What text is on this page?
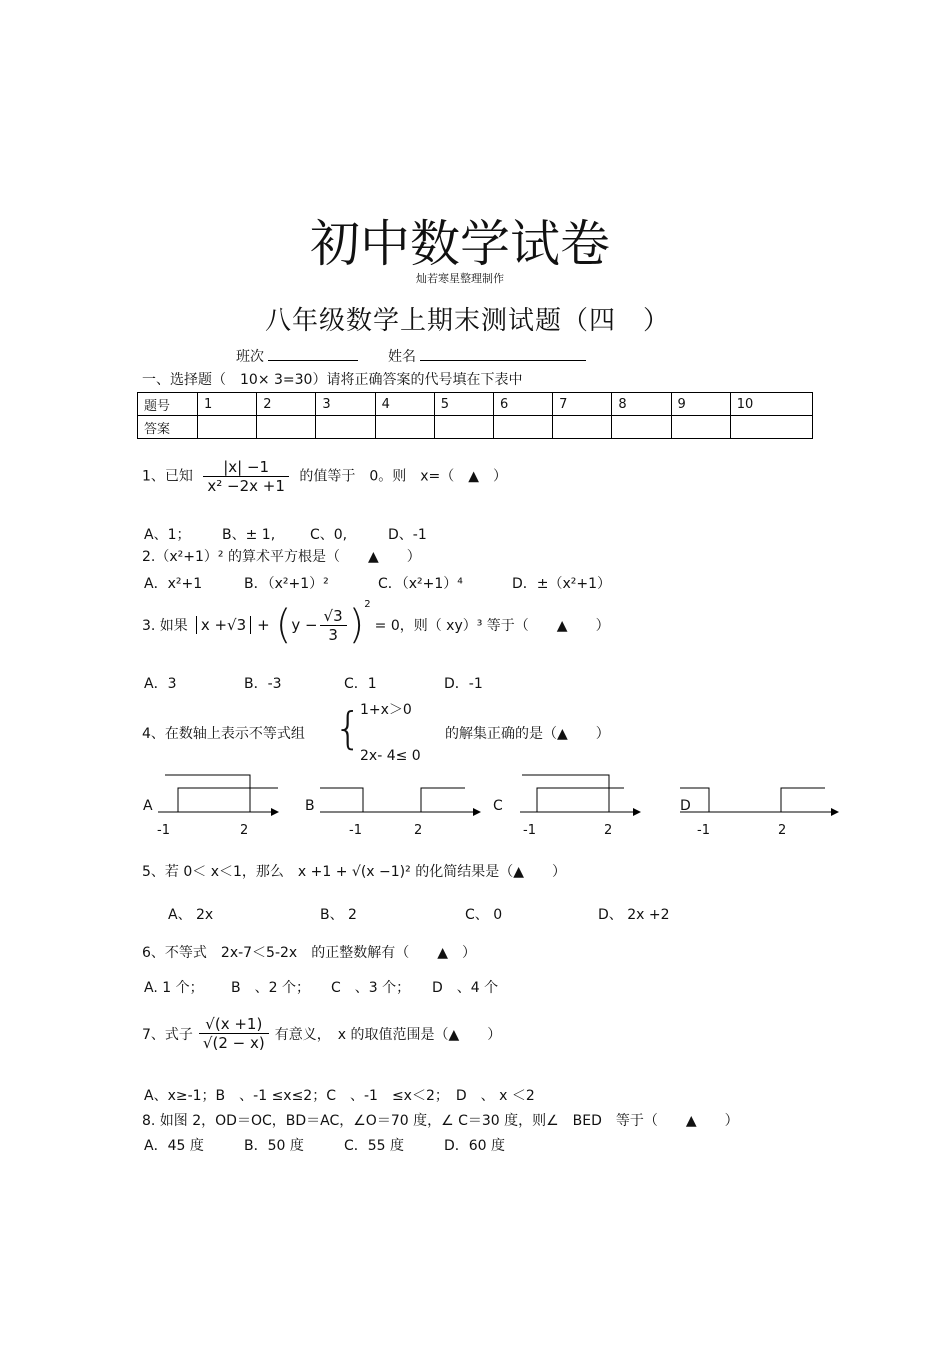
初中数学试卷
灿若寒星整理制作
八年级数学上期末测试题（四　）
班次	姓名
一、选择题（　10× 3=30）请将正确答案的代号填在下表中
题号	1	2	3	4	5	6	7	8	9	10
答案										
1、已知 $\frac{|x| -1}{\text{x² −2x +1}}$ 的值等于　0。则　x=（　▲　）
A、1； B、± 1, C、0,	D、-1
2.（x²+1）² 的算术平方根是（　　▲　　）
A．x²+1	B．（x²+1）²	C．（x²+1）⁴	D．±（x²+1）
3. 如果 x +√3 + ( $y - \frac{√3}{3}$ ) 2
= 0，则（ xy）³ 等于（　　▲　　）
A．3	B．-3	C．1	D．-1
4、在数轴上表示不等式组 {
1+x＞0
2x- 4≤ 0
的解集正确的是（▲　　）
A	B	C	D
-1	2	-1	2	-1	2	-1	2
5、若 0＜ x＜1，那么　x +1 + √(x −1)² 的化简结果是（▲　　）
A、 2x	B、 2	C、 0	D、 2x +2
6、不等式　2x-7＜5-2x　的正整数解有（　　▲　）
A. 1 个； B　、2 个； C　、3 个； D　、4 个
7、式子 $\frac{√(x +1)}{√(2 - x)}$ 有意义，　x 的取值范围是（▲　　）
A、x≥-1；B　、-1 ≤x≤2；C　、-1　≤x＜2；　D　、 x ＜2
8. 如图 2，OD＝OC，BD＝AC，∠O＝70 度，∠ C＝30 度，则∠　BED　等于（　　▲　　）
A．45 度	B．50 度	C．55 度	D．60 度
